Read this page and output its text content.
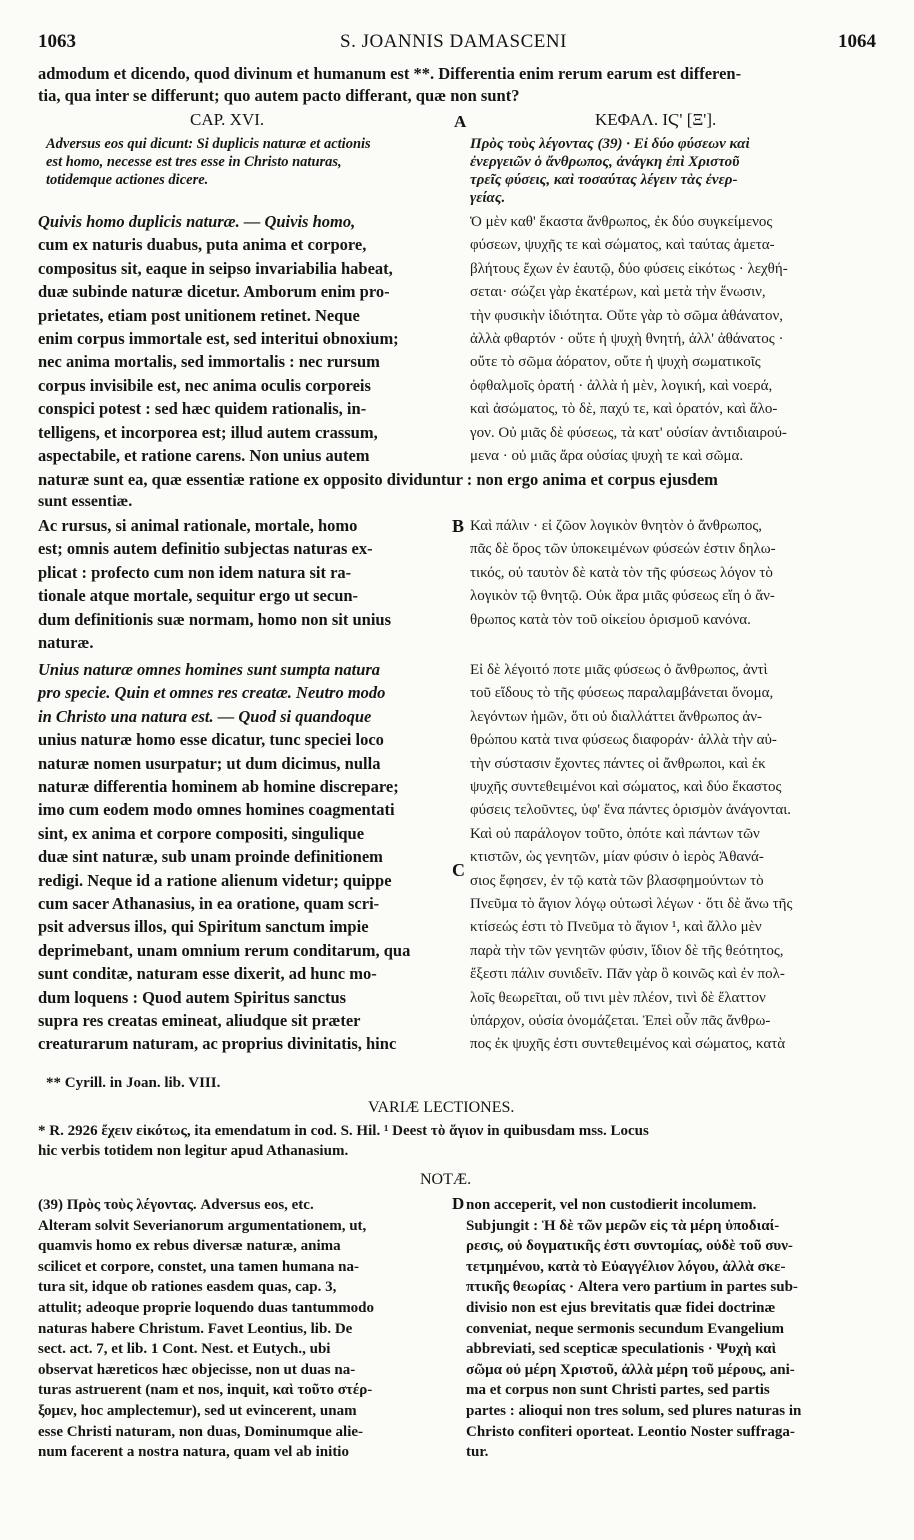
1063	S. JOANNIS DAMASCENI	1064
admodum et dicendo, quod divinum et humanum est **. Differentia enim rerum earum est differen-
tia, qua inter se differunt; quo autem pacto differant, quæ non sunt?
CAP. XVI.	A	ΚΕΦΑΛ. ΙϚ' [Ξ'].
Adversus eos qui dicunt: Si duplicis naturæ et actionis
est homo, necesse est tres esse in Christo naturas,
totidemque actiones dicere.
Πρὸς τοὺς λέγοντας (39) · Εἰ δύο φύσεων καὶ
ἐνεργειῶν ὁ ἄνθρωπος, ἀνάγκη ἐπὶ Χριστοῦ
τρεῖς φύσεις, καὶ τοσαύτας λέγειν τὰς ἐνερ-
γείας.
Quivis homo duplicis naturæ. — Quivis homo,
cum ex naturis duabus, puta anima et corpore,
compositus sit, eaque in seipso invariabilia habeat,
duæ subinde naturæ dicetur. Amborum enim pro-
prietates, etiam post unitionem retinet. Neque
enim corpus immortale est, sed interitui obnoxium;
nec anima mortalis, sed immortalis : nec rursum
corpus invisibile est, nec anima oculis corporeis
conspici potest : sed hæc quidem rationalis, in-
telligens, et incorporea est; illud autem crassum,
aspectabile, et ratione carens. Non unius autem
Ὁ μὲν καθ' ἕκαστα ἄνθρωπος, ἐκ δύο συγκείμενος
φύσεων, ψυχῆς τε καὶ σώματος, καὶ ταύτας ἀμετα-
βλήτους ἔχων ἐν ἑαυτῷ, δύο φύσεις εἰκότως · λεχθή-
σεται· σώζει γὰρ ἑκατέρων, καὶ μετὰ τὴν ἕνωσιν,
τὴν φυσικὴν ἰδιότητα. Οὔτε γὰρ τὸ σῶμα ἀθάνατον,
ἀλλὰ φθαρτόν · οὔτε ἡ ψυχὴ θνητή, ἀλλ' ἀθάνατος ·
οὔτε τὸ σῶμα ἀόρατον, οὔτε ἡ ψυχὴ σωματικοῖς
ὀφθαλμοῖς ὁρατή · ἀλλὰ ἡ μὲν, λογική, καὶ νοερά,
καὶ ἀσώματος, τὸ δὲ, παχύ τε, καὶ ὁρατόν, καὶ ἄλο-
γον. Οὐ μιᾶς δὲ φύσεως, τὰ κατ' οὐσίαν ἀντιδιαιρού-
μενα · οὐ μιᾶς ἄρα οὐσίας ψυχὴ τε καὶ σῶμα.
naturæ sunt ea, quæ essentiæ ratione ex opposito dividuntur : non ergo anima et corpus ejusdem
sunt essentiæ.
Ac rursus, si animal rationale, mortale, homo
est; omnis autem definitio subjectas naturas ex-
plicat : profecto cum non idem natura sit ra-
tionale atque mortale, sequitur ergo ut secun-
dum definitionis suæ normam, homo non sit unius
naturæ.
B Καὶ πάλιν · εἰ ζῶον λογικὸν θνητὸν ὁ ἄνθρωπος,
πᾶς δὲ ὅρος τῶν ὑποκειμένων φύσεών ἐστιν δηλω-
τικός, οὐ ταυτὸν δὲ κατὰ τὸν τῆς φύσεως λόγον τὸ
λογικὸν τῷ θνητῷ. Οὐκ ἄρα μιᾶς φύσεως εἴη ὁ ἄν-
θρωπος κατὰ τὸν τοῦ οἰκείου ὁρισμοῦ κανόνα.
Unius naturæ omnes homines sunt sumpta natura
pro specie. Quin et omnes res creatæ. Neutro modo
in Christo una natura est. — Quod si quandoque
unius naturæ homo esse dicatur, tunc speciei loco
naturæ nomen usurpatur; ut dum dicimus, nulla
naturæ differentia hominem ab homine discrepare;
imo cum eodem modo omnes homines coagmentati
sint, ex anima et corpore compositi, singulique
duæ sint naturæ, sub unam proinde definitionem
redigi. Neque id a ratione alienum videtur; quippe
cum sacer Athanasius, in ea oratione, quam scri-
psit adversus illos, qui Spiritum sanctum impie
deprimebant, unam omnium rerum conditarum, qua
sunt conditæ, naturam esse dixerit, ad hunc mo-
dum loquens : Quod autem Spiritus sanctus
supra res creatas emineat, aliudque sit præter
creaturarum naturam, ac proprius divinitatis, hinc
C
Εἰ δὲ λέγοιτό ποτε μιᾶς φύσεως ὁ ἄνθρωπος, ἀντὶ
τοῦ εἴδους τὸ τῆς φύσεως παραλαμβάνεται ὄνομα,
λεγόντων ἡμῶν, ὅτι οὐ διαλλάττει ἄνθρωπος ἀν-
θρώπου κατὰ τινα φύσεως διαφοράν· ἀλλὰ τὴν αὐ-
τὴν σύστασιν ἔχοντες πάντες οἱ ἄνθρωποι, καὶ ἐκ
ψυχῆς συντεθειμένοι καὶ σώματος, καὶ δύο ἕκαστος
φύσεις τελοῦντες, ὑφ' ἕνα πάντες ὁρισμὸν ἀνάγονται.
Καὶ οὐ παράλογον τοῦτο, ὁπότε καὶ πάντων τῶν
κτιστῶν, ὡς γενητῶν, μίαν φύσιν ὁ ἱερὸς Ἀθανά-
σιος ἔφησεν, ἐν τῷ κατὰ τῶν βλασφημούντων τὸ
Πνεῦμα τὸ ἅγιον λόγῳ οὑτωσὶ λέγων · ὅτι δὲ ἄνω τῆς
κτίσεώς ἐστι τὸ Πνεῦμα τὸ ἅγιον ¹, καὶ ἄλλο μὲν
παρὰ τὴν τῶν γενητῶν φύσιν, ἴδιον δὲ τῆς θεότητος,
ἔξεστι πάλιν συνιδεῖν. Πᾶν γὰρ ὃ κοινῶς καὶ ἐν πολ-
λοῖς θεωρεῖται, οὔ τινι μὲν πλέον, τινὶ δὲ ἔλαττον
ὑπάρχον, οὐσία ὀνομάζεται. Ἐπεὶ οὖν πᾶς ἄνθρω-
πος ἐκ ψυχῆς ἐστι συντεθειμένος καὶ σώματος, κατὰ
** Cyrill. in Joan. lib. VIII.
VARIÆ LECTIONES.
* R. 2926 ἔχειν εἰκότως, ita emendatum in cod. S. Hil. ¹ Deest τὸ ἅγιον in quibusdam mss. Locus
hic verbis totidem non legitur apud Athanasium.
NOTÆ.
D
(39) Πρὸς τοὺς λέγοντας. Adversus eos, etc.
Alteram solvit Severianorum argumentationem, ut,
quamvis homo ex rebus diversæ naturæ, anima
scilicet et corpore, constet, una tamen humana na-
tura sit, idque ob rationes easdem quas, cap. 3,
attulit; adeoque proprie loquendo duas tantummodo
naturas habere Christum. Favet Leontius, lib. De
sect. act. 7, et lib. 1 Cont. Nest. et Eutych., ubi
observat hæreticos hæc objecisse, non ut duas na-
turas astruerent (nam et nos, inquit, καὶ τοῦτο στέρ-
ξομεν, hoc amplectemur), sed ut evincerent, unam
esse Christi naturam, non duas, Dominumque alie-
num facerent a nostra natura, quam vel ab initio
non acceperit, vel non custodierit incolumem.
Subjungit : Ἡ δὲ τῶν μερῶν εἰς τὰ μέρη ὑποδιαί-
ρεσις, οὐ δογματικῆς ἐστι συντομίας, οὐδὲ τοῦ συν-
τετμημένου, κατὰ τὸ Εὐαγγέλιον λόγου, ἀλλὰ σκε-
πτικῆς θεωρίας · Altera vero partium in partes sub-
divisio non est ejus brevitatis quæ fidei doctrinæ
conveniat, neque sermonis secundum Evangelium
abbreviati, sed scepticæ speculationis · Ψυχὴ καὶ
σῶμα οὐ μέρη Χριστοῦ, ἀλλὰ μέρη τοῦ μέρους, ani-
ma et corpus non sunt Christi partes, sed partis
partes : alioqui non tres solum, sed plures naturas in
Christo confiteri oporteat. Leontio Noster suffraga-
tur.
